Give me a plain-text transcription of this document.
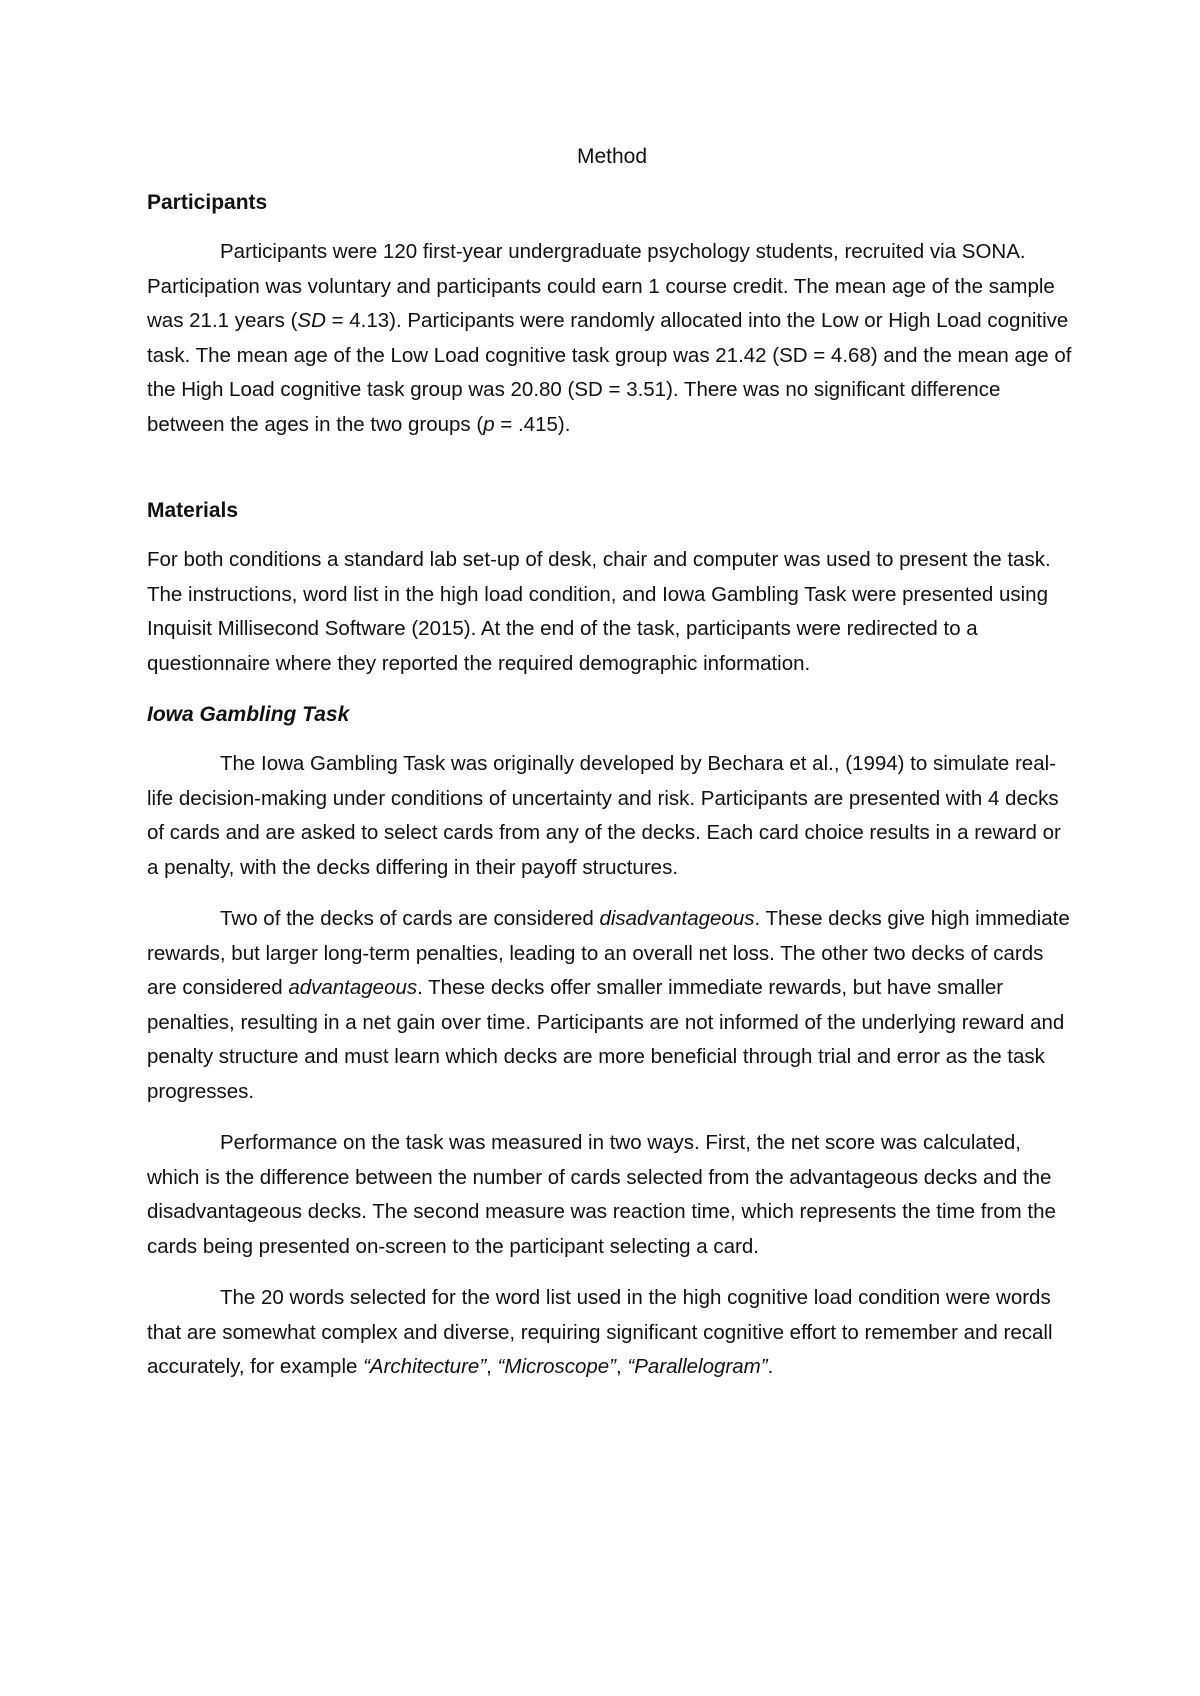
Method
Participants

Participants were 120 first-year undergraduate psychology students, recruited via SONA. Participation was voluntary and participants could earn 1 course credit. The mean age of the sample was 21.1 years (SD = 4.13). Participants were randomly allocated into the Low or High Load cognitive task. The mean age of the Low Load cognitive task group was 21.42 (SD = 4.68) and the mean age of the High Load cognitive task group was 20.80 (SD = 3.51). There was no significant difference between the ages in the two groups (p = .415).

Materials

For both conditions a standard lab set-up of desk, chair and computer was used to present the task. The instructions, word list in the high load condition, and Iowa Gambling Task were presented using Inquisit Millisecond Software (2015). At the end of the task, participants were redirected to a questionnaire where they reported the required demographic information.

Iowa Gambling Task

The Iowa Gambling Task was originally developed by Bechara et al., (1994) to simulate real-life decision-making under conditions of uncertainty and risk. Participants are presented with 4 decks of cards and are asked to select cards from any of the decks. Each card choice results in a reward or a penalty, with the decks differing in their payoff structures.

Two of the decks of cards are considered disadvantageous. These decks give high immediate rewards, but larger long-term penalties, leading to an overall net loss. The other two decks of cards are considered advantageous. These decks offer smaller immediate rewards, but have smaller penalties, resulting in a net gain over time. Participants are not informed of the underlying reward and penalty structure and must learn which decks are more beneficial through trial and error as the task progresses.

Performance on the task was measured in two ways. First, the net score was calculated, which is the difference between the number of cards selected from the advantageous decks and the disadvantageous decks. The second measure was reaction time, which represents the time from the cards being presented on-screen to the participant selecting a card.

The 20 words selected for the word list used in the high cognitive load condition were words that are somewhat complex and diverse, requiring significant cognitive effort to remember and recall accurately, for example “Architecture”, “Microscope”, “Parallelogram”.
